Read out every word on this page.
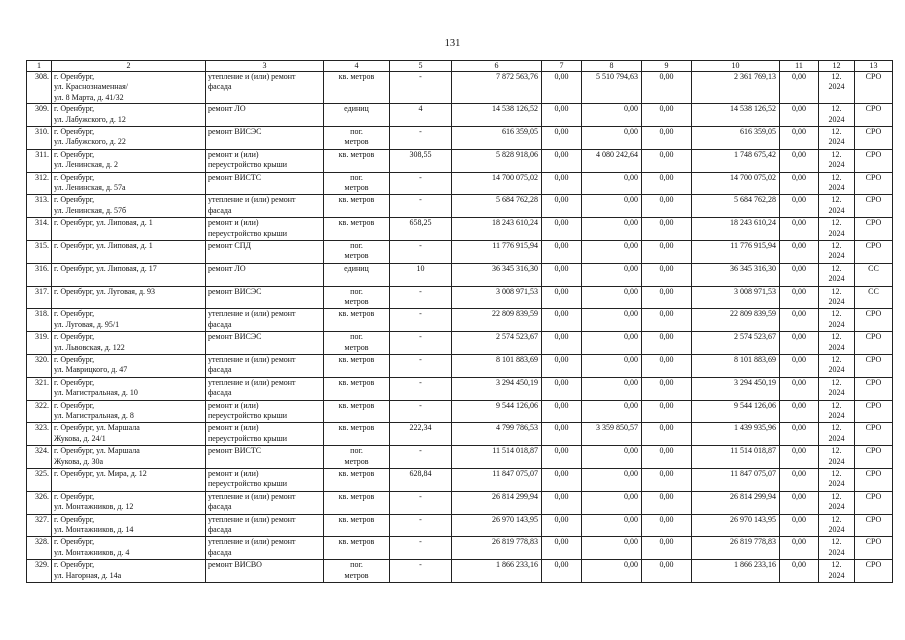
131
1	2	3	4	5	6	7	8	9	10	11	12	13
308.	г. Оренбург,
ул. Краснознаменная/
ул. 8 Марта, д. 41/32	утепление и (или) ремонт
фасада	кв. метров	-	7 872 563,76	0,00	5 510 794,63	0,00	2 361 769,13	0,00	12.
2024	СРО
309.	г. Оренбург,
ул. Лабужского, д. 12	ремонт ЛО	единиц	4	14 538 126,52	0,00	0,00	0,00	14 538 126,52	0,00	12.
2024	СРО
310.	г. Оренбург,
ул. Лабужского, д. 22	ремонт ВИСЭС	пог.
метров	-	616 359,05	0,00	0,00	0,00	616 359,05	0,00	12.
2024	СРО
311.	г. Оренбург,
ул. Ленинская, д. 2	ремонт и (или)
переустройство крыши	кв. метров	308,55	5 828 918,06	0,00	4 080 242,64	0,00	1 748 675,42	0,00	12.
2024	СРО
312.	г. Оренбург,
ул. Ленинская, д. 57а	ремонт ВИСТС	пог.
метров	-	14 700 075,02	0,00	0,00	0,00	14 700 075,02	0,00	12.
2024	СРО
313.	г. Оренбург,
ул. Ленинская, д. 57б	утепление и (или) ремонт
фасада	кв. метров	-	5 684 762,28	0,00	0,00	0,00	5 684 762,28	0,00	12.
2024	СРО
314.	г. Оренбург, ул. Липовая, д. 1	ремонт и (или)
переустройство крыши	кв. метров	658,25	18 243 610,24	0,00	0,00	0,00	18 243 610,24	0,00	12.
2024	СРО
315.	г. Оренбург, ул. Липовая, д. 1	ремонт СПД	пог.
метров	-	11 776 915,94	0,00	0,00	0,00	11 776 915,94	0,00	12.
2024	СРО
316.	г. Оренбург, ул. Липовая, д. 17	ремонт ЛО	единиц	10	36 345 316,30	0,00	0,00	0,00	36 345 316,30	0,00	12.
2024	СС
317.	г. Оренбург, ул. Луговая, д. 93	ремонт ВИСЭС	пог.
метров	-	3 008 971,53	0,00	0,00	0,00	3 008 971,53	0,00	12.
2024	СС
318.	г. Оренбург,
ул. Луговая, д. 95/1	утепление и (или) ремонт
фасада	кв. метров	-	22 809 839,59	0,00	0,00	0,00	22 809 839,59	0,00	12.
2024	СРО
319.	г. Оренбург,
ул. Львовская, д. 122	ремонт ВИСЭС	пог.
метров	-	2 574 523,67	0,00	0,00	0,00	2 574 523,67	0,00	12.
2024	СРО
320.	г. Оренбург,
ул. Маврицкого, д. 47	утепление и (или) ремонт
фасада	кв. метров	-	8 101 883,69	0,00	0,00	0,00	8 101 883,69	0,00	12.
2024	СРО
321.	г. Оренбург,
ул. Магистральная, д. 10	утепление и (или) ремонт
фасада	кв. метров	-	3 294 450,19	0,00	0,00	0,00	3 294 450,19	0,00	12.
2024	СРО
322.	г. Оренбург,
ул. Магистральная, д. 8	ремонт и (или)
переустройство крыши	кв. метров	-	9 544 126,06	0,00	0,00	0,00	9 544 126,06	0,00	12.
2024	СРО
323.	г. Оренбург, ул. Маршала
Жукова, д. 24/1	ремонт и (или)
переустройство крыши	кв. метров	222,34	4 799 786,53	0,00	3 359 850,57	0,00	1 439 935,96	0,00	12.
2024	СРО
324.	г. Оренбург, ул. Маршала
Жукова, д. 30а	ремонт ВИСТС	пог.
метров	-	11 514 018,87	0,00	0,00	0,00	11 514 018,87	0,00	12.
2024	СРО
325.	г. Оренбург, ул. Мира, д. 12	ремонт и (или)
переустройство крыши	кв. метров	628,84	11 847 075,07	0,00	0,00	0,00	11 847 075,07	0,00	12.
2024	СРО
326.	г. Оренбург,
ул. Монтажников, д. 12	утепление и (или) ремонт
фасада	кв. метров	-	26 814 299,94	0,00	0,00	0,00	26 814 299,94	0,00	12.
2024	СРО
327.	г. Оренбург,
ул. Монтажников, д. 14	утепление и (или) ремонт
фасада	кв. метров	-	26 970 143,95	0,00	0,00	0,00	26 970 143,95	0,00	12.
2024	СРО
328.	г. Оренбург,
ул. Монтажников, д. 4	утепление и (или) ремонт
фасада	кв. метров	-	26 819 778,83	0,00	0,00	0,00	26 819 778,83	0,00	12.
2024	СРО
329.	г. Оренбург,
ул. Нагорная, д. 14а	ремонт ВИСВО	пог.
метров	-	1 866 233,16	0,00	0,00	0,00	1 866 233,16	0,00	12.
2024	СРО
